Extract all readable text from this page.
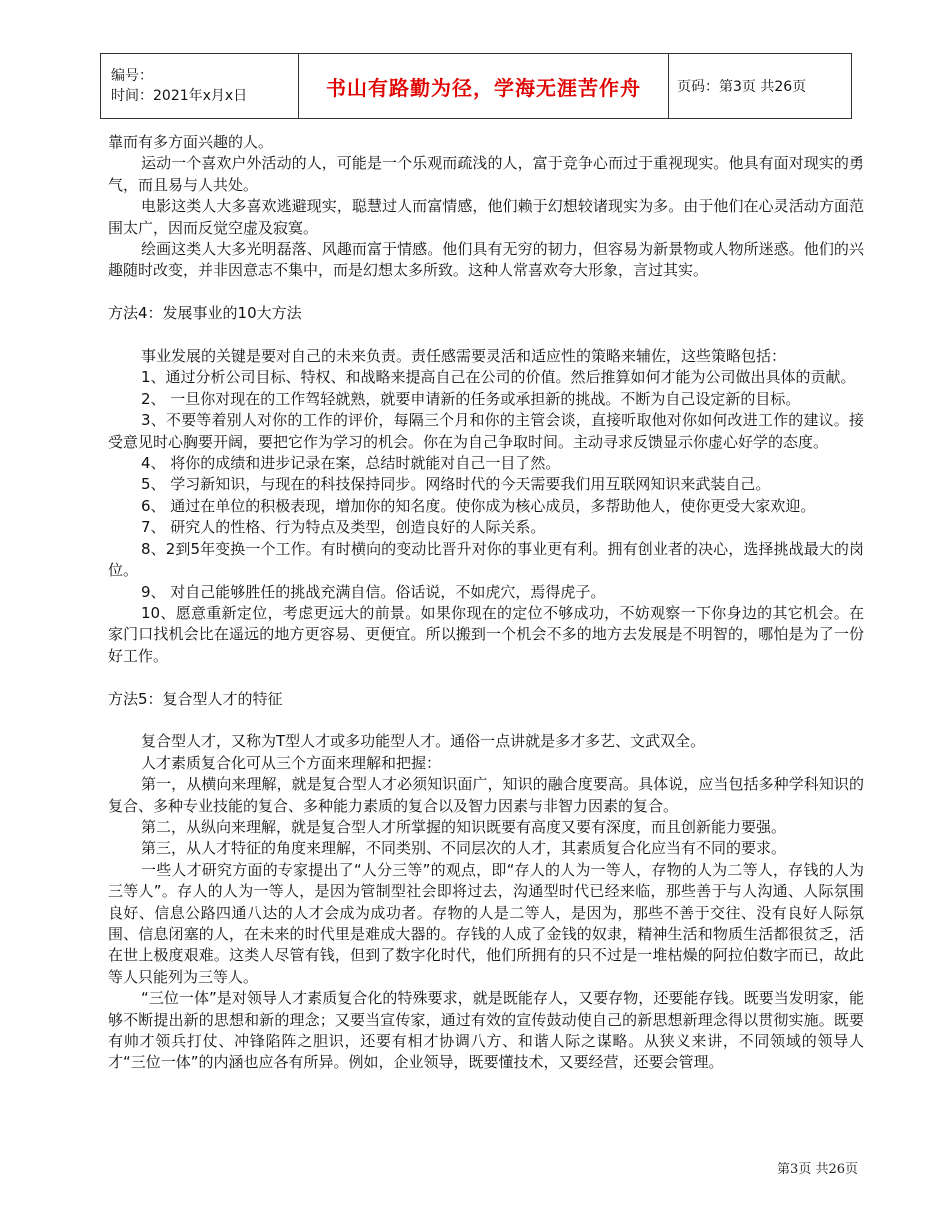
编号：
时间：2021年x月x日	书山有路勤为径，学海无涯苦作舟	页码：第3页 共26页

靠而有多方面兴趣的人。

运动一个喜欢户外活动的人，可能是一个乐观而疏浅的人，富于竞争心而过于重视现实。他具有面对现实的勇气，而且易与人共处。

电影这类人大多喜欢逃避现实，聪慧过人而富情感，他们赖于幻想较诸现实为多。由于他们在心灵活动方面范围太广，因而反觉空虚及寂寞。

绘画这类人大多光明磊落、风趣而富于情感。他们具有无穷的韧力，但容易为新景物或人物所迷惑。他们的兴趣随时改变，并非因意志不集中，而是幻想太多所致。这种人常喜欢夸大形象，言过其实。

方法4：发展事业的10大方法

事业发展的关键是要对自己的未来负责。责任感需要灵活和适应性的策略来辅佐，这些策略包括：

1、通过分析公司目标、特权、和战略来提高自己在公司的价值。然后推算如何才能为公司做出具体的贡献。

2、 一旦你对现在的工作驾轻就熟，就要申请新的任务或承担新的挑战。不断为自己设定新的目标。

3、不要等着别人对你的工作的评价，每隔三个月和你的主管会谈，直接听取他对你如何改进工作的建议。接受意见时心胸要开阔，要把它作为学习的机会。你在为自己争取时间。主动寻求反馈显示你虚心好学的态度。

4、 将你的成绩和进步记录在案，总结时就能对自己一目了然。

5、 学习新知识，与现在的科技保持同步。网络时代的今天需要我们用互联网知识来武装自己。

6、 通过在单位的积极表现，增加你的知名度。使你成为核心成员，多帮助他人，使你更受大家欢迎。

7、 研究人的性格、行为特点及类型，创造良好的人际关系。

8、2到5年变换一个工作。有时横向的变动比晋升对你的事业更有利。拥有创业者的决心，选择挑战最大的岗位。

9、 对自己能够胜任的挑战充满自信。俗话说，不如虎穴，焉得虎子。

10、愿意重新定位，考虑更远大的前景。如果你现在的定位不够成功，不妨观察一下你身边的其它机会。在家门口找机会比在遥远的地方更容易、更便宜。所以搬到一个机会不多的地方去发展是不明智的，哪怕是为了一份好工作。

方法5：复合型人才的特征

复合型人才，又称为T型人才或多功能型人才。通俗一点讲就是多才多艺、文武双全。

人才素质复合化可从三个方面来理解和把握：

第一，从横向来理解，就是复合型人才必须知识面广，知识的融合度要高。具体说，应当包括多种学科知识的复合、多种专业技能的复合、多种能力素质的复合以及智力因素与非智力因素的复合。

第二，从纵向来理解，就是复合型人才所掌握的知识既要有高度又要有深度，而且创新能力要强。

第三，从人才特征的角度来理解，不同类别、不同层次的人才，其素质复合化应当有不同的要求。

一些人才研究方面的专家提出了“人分三等”的观点，即“存人的人为一等人，存物的人为二等人，存钱的人为三等人”。存人的人为一等人，是因为管制型社会即将过去，沟通型时代已经来临，那些善于与人沟通、人际氛围良好、信息公路四通八达的人才会成为成功者。存物的人是二等人，是因为，那些不善于交往、没有良好人际氛围、信息闭塞的人，在未来的时代里是难成大器的。存钱的人成了金钱的奴隶，精神生活和物质生活都很贫乏，活在世上极度艰难。这类人尽管有钱，但到了数字化时代，他们所拥有的只不过是一堆枯燥的阿拉伯数字而已，故此等人只能列为三等人。

“三位一体”是对领导人才素质复合化的特殊要求，就是既能存人，又要存物，还要能存钱。既要当发明家，能够不断提出新的思想和新的理念；又要当宣传家，通过有效的宣传鼓动使自己的新思想新理念得以贯彻实施。既要有帅才领兵打仗、冲锋陷阵之胆识，还要有相才协调八方、和谐人际之谋略。从狭义来讲，不同领域的领导人才“三位一体”的内涵也应各有所异。例如，企业领导，既要懂技术，又要经营，还要会管理。

第3页 共26页
